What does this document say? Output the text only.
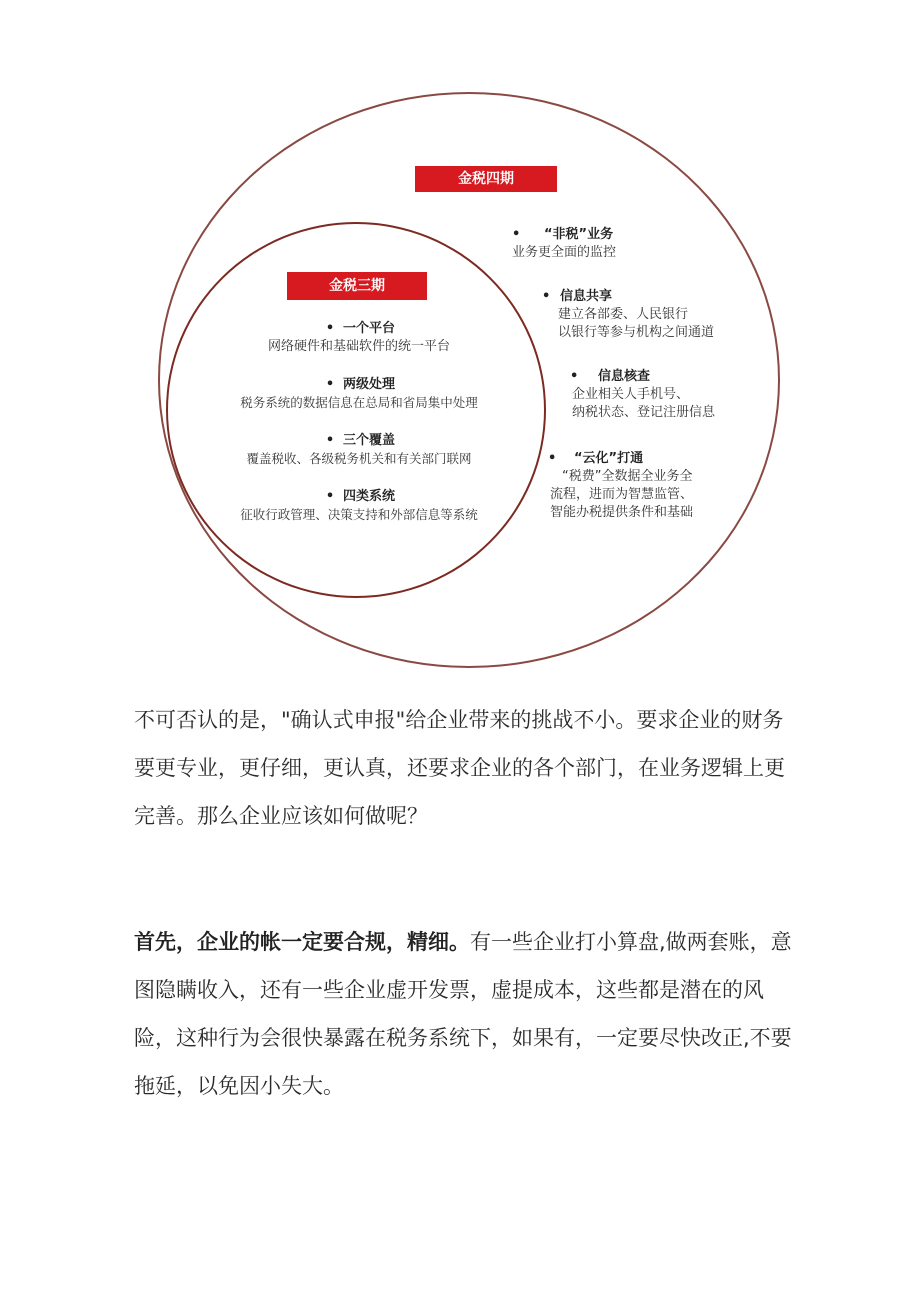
金税四期
金税三期
• “非税”业务
业务更全面的监控
• 信息共享
建立各部委、人民银行
以银行等参与机构之间通道
• 信息核查
企业相关人手机号、
纳税状态、登记注册信息
• “云化”打通
“税费”全数据全业务全
流程，进而为智慧监管、
智能办税提供条件和基础
• 一个平台
网络硬件和基础软件的统一平台
• 两级处理
税务系统的数据信息在总局和省局集中处理
• 三个覆盖
覆盖税收、各级税务机关和有关部门联网
• 四类系统
征收行政管理、决策支持和外部信息等系统

不可否认的是，"确认式申报"给企业带来的挑战不小。要求企业的财务要更专业，更仔细，更认真，还要求企业的各个部门，在业务逻辑上更完善。那么企业应该如何做呢？

首先，企业的帐一定要合规，精细。有一些企业打小算盘,做两套账，意图隐瞒收入，还有一些企业虚开发票，虚提成本，这些都是潜在的风险，这种行为会很快暴露在税务系统下，如果有，一定要尽快改正,不要拖延，以免因小失大。
